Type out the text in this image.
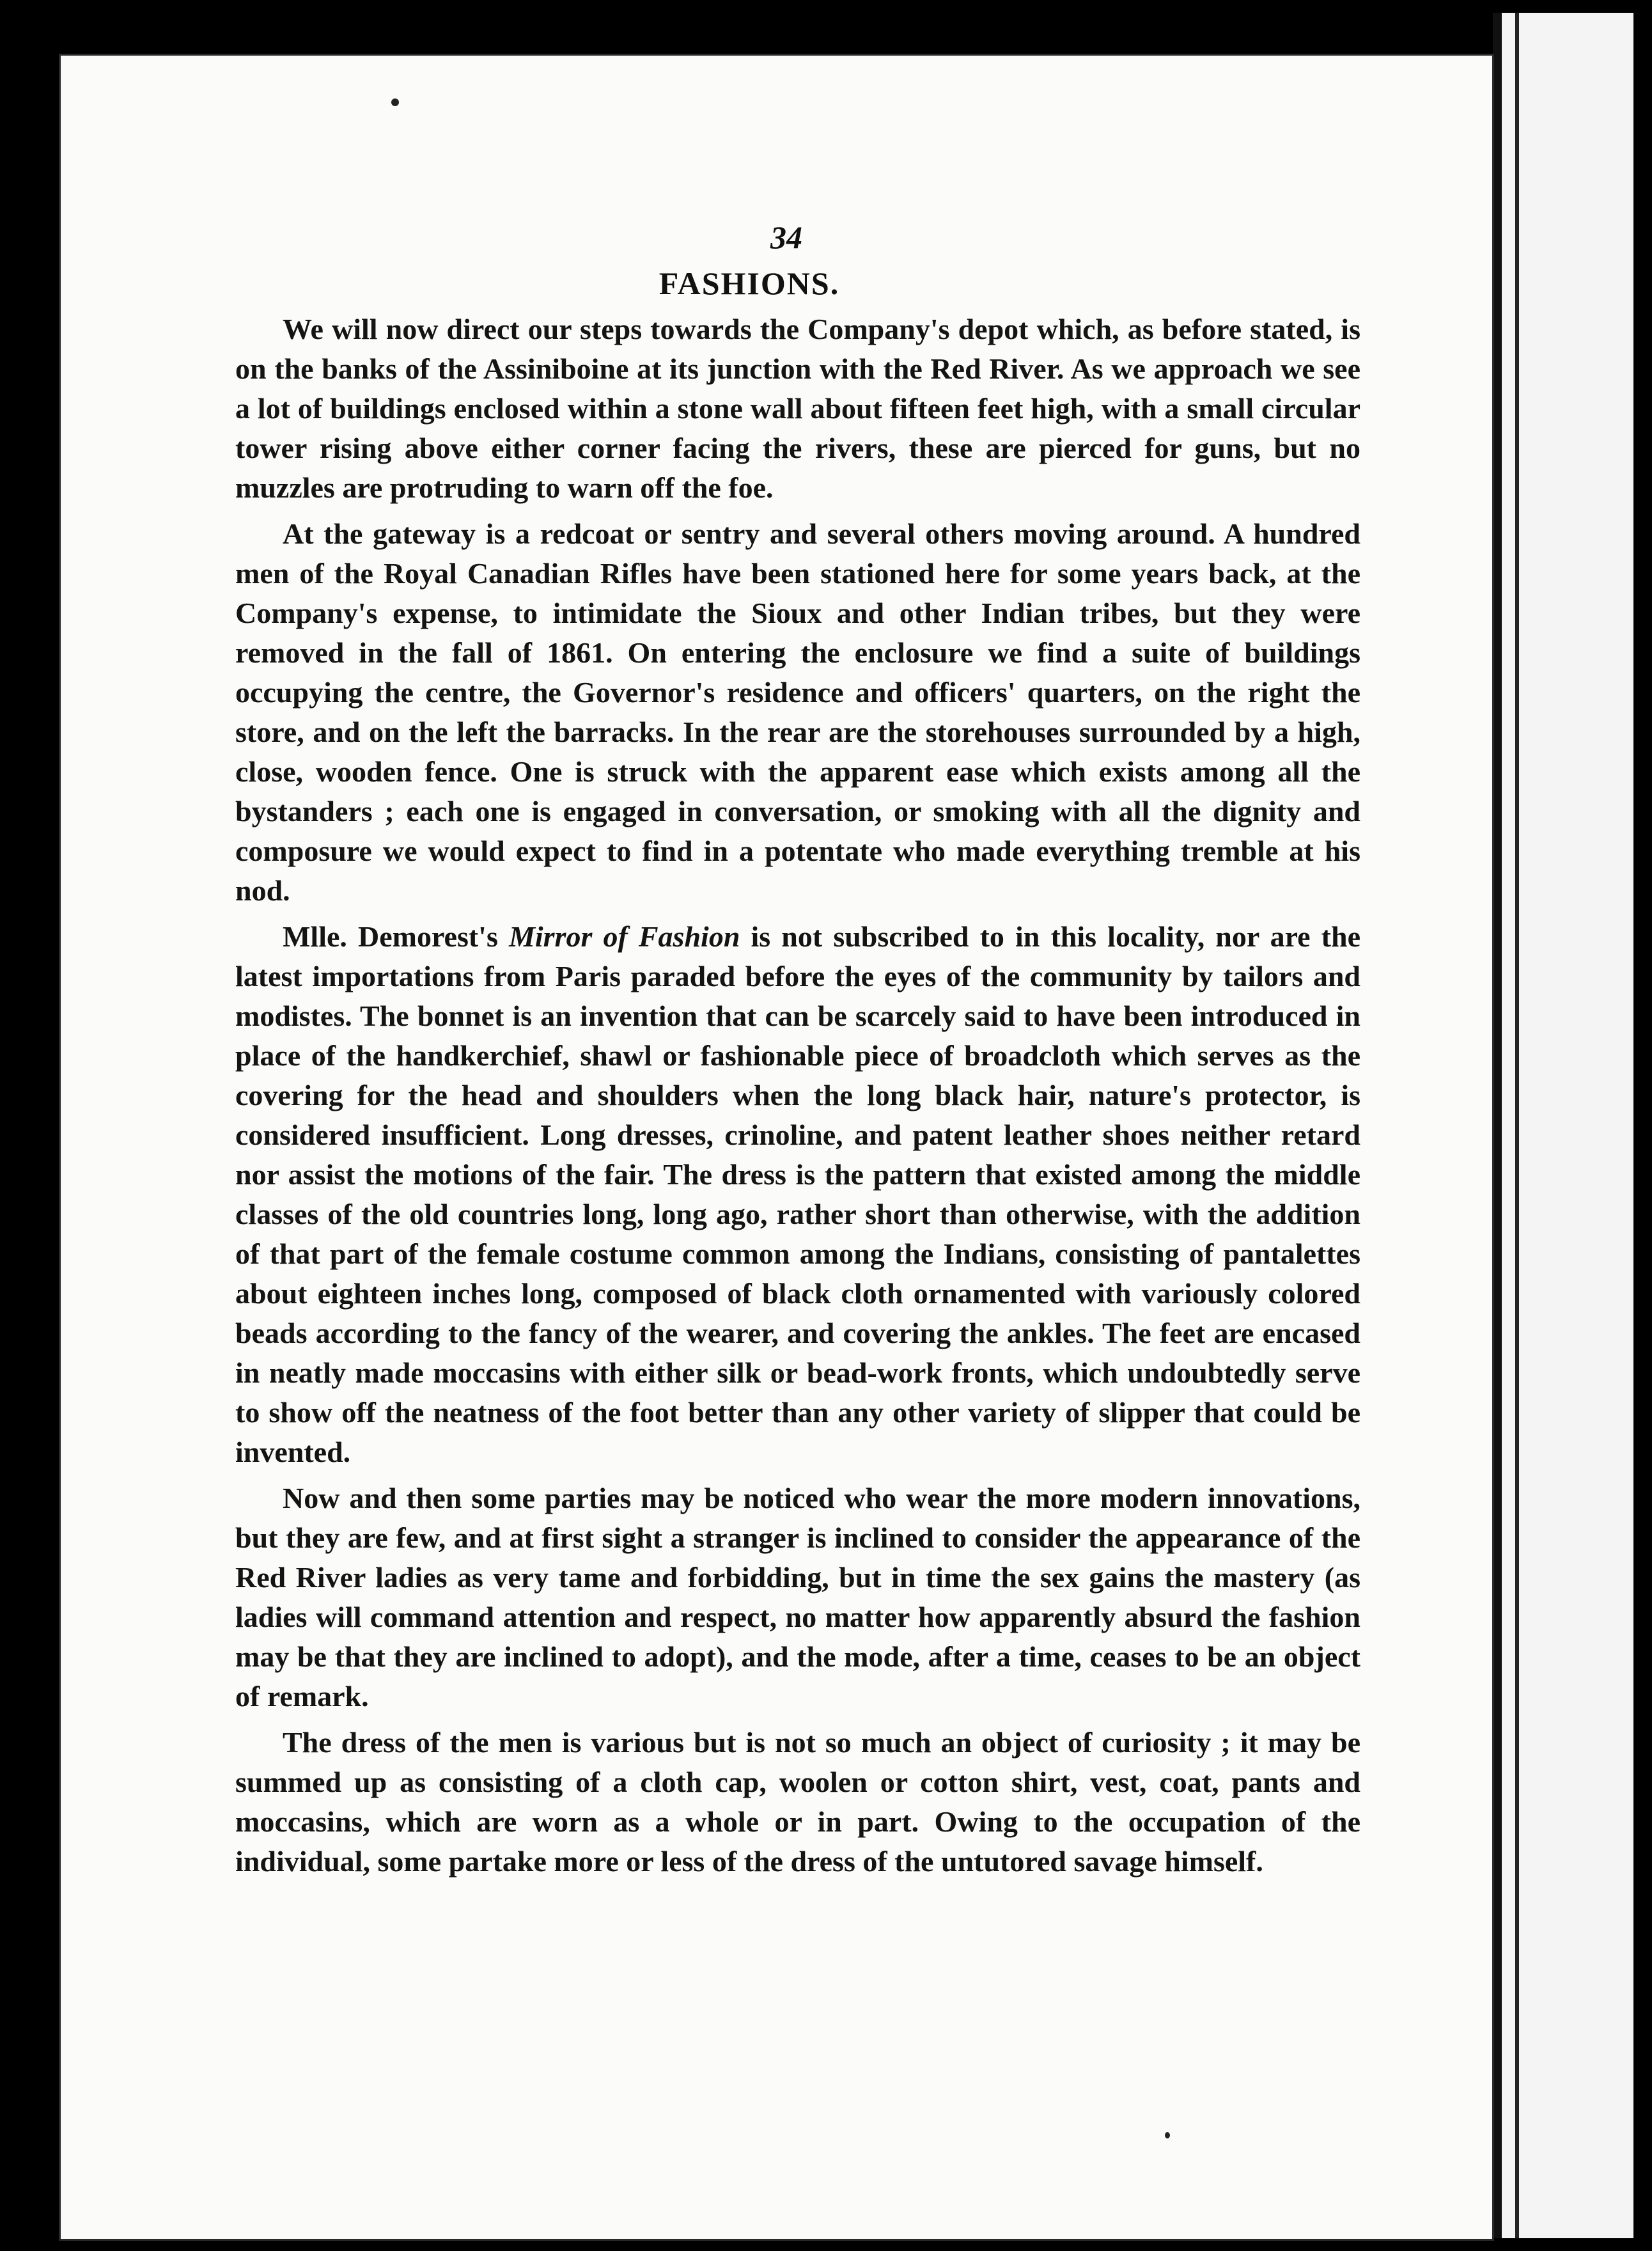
34
FASHIONS.

We will now direct our steps towards the Company's depot which, as before stated, is on the banks of the Assiniboine at its junction with the Red River. As we approach we see a lot of buildings enclosed within a stone wall about fifteen feet high, with a small circular tower rising above either corner facing the rivers, these are pierced for guns, but no muzzles are protruding to warn off the foe.

At the gateway is a redcoat or sentry and several others moving around. A hundred men of the Royal Canadian Rifles have been stationed here for some years back, at the Company's expense, to intimidate the Sioux and other Indian tribes, but they were removed in the fall of 1861. On entering the enclosure we find a suite of buildings occupying the centre, the Governor's residence and officers' quarters, on the right the store, and on the left the barracks. In the rear are the storehouses surrounded by a high, close, wooden fence. One is struck with the apparent ease which exists among all the bystanders ; each one is engaged in conversation, or smoking with all the dignity and composure we would expect to find in a potentate who made everything tremble at his nod.

Mlle. Demorest's Mirror of Fashion is not subscribed to in this locality, nor are the latest importations from Paris paraded before the eyes of the community by tailors and modistes. The bonnet is an invention that can be scarcely said to have been introduced in place of the handkerchief, shawl or fashionable piece of broadcloth which serves as the covering for the head and shoulders when the long black hair, nature's protector, is considered insufficient. Long dresses, crinoline, and patent leather shoes neither retard nor assist the motions of the fair. The dress is the pattern that existed among the middle classes of the old countries long, long ago, rather short than otherwise, with the addition of that part of the female costume common among the Indians, consisting of pantalettes about eighteen inches long, composed of black cloth ornamented with variously colored beads according to the fancy of the wearer, and covering the ankles. The feet are encased in neatly made moccasins with either silk or bead-work fronts, which undoubtedly serve to show off the neatness of the foot better than any other variety of slipper that could be invented.

Now and then some parties may be noticed who wear the more modern innovations, but they are few, and at first sight a stranger is inclined to consider the appearance of the Red River ladies as very tame and forbidding, but in time the sex gains the mastery (as ladies will command attention and respect, no matter how apparently absurd the fashion may be that they are inclined to adopt), and the mode, after a time, ceases to be an object of remark.

The dress of the men is various but is not so much an object of curiosity ; it may be summed up as consisting of a cloth cap, woolen or cotton shirt, vest, coat, pants and moccasins, which are worn as a whole or in part. Owing to the occupation of the individual, some partake more or less of the dress of the untutored savage himself.
